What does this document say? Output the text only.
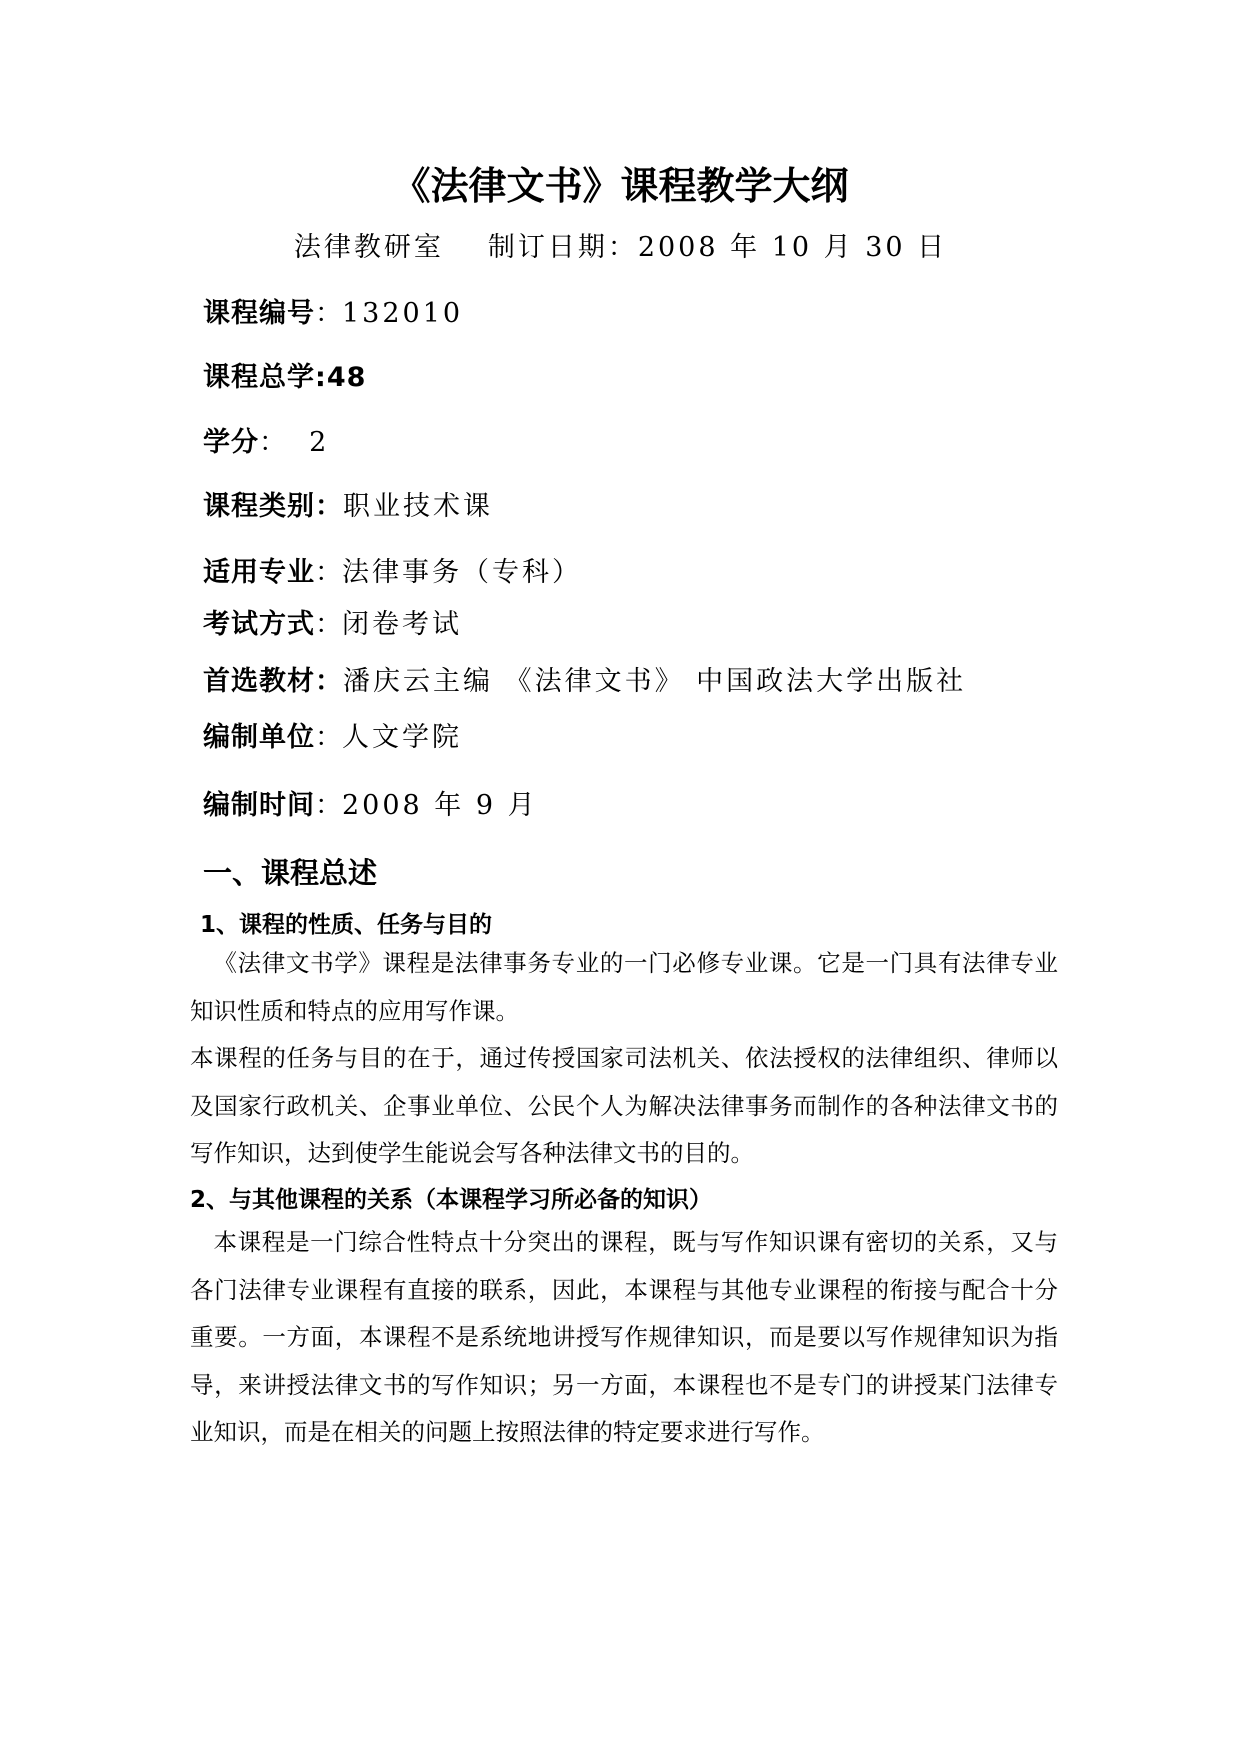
《法律文书》课程教学大纲
法律教研室 制订日期：2008 年 10 月 30 日
课程编号：132010
课程总学:48
学分：  2
课程类别：职业技术课
适用专业：法律事务（专科）
考试方式：闭卷考试
首选教材：潘庆云主编 《法律文书》 中国政法大学出版社
编制单位：人文学院
编制时间：2008 年 9 月
一、课程总述
1、课程的性质、任务与目的

《法律文书学》课程是法律事务专业的一门必修专业课。它是一门具有法律专业知识性质和特点的应用写作课。

本课程的任务与目的在于，通过传授国家司法机关、依法授权的法律组织、律师以及国家行政机关、企事业单位、公民个人为解决法律事务而制作的各种法律文书的写作知识，达到使学生能说会写各种法律文书的目的。

2、与其他课程的关系（本课程学习所必备的知识）

本课程是一门综合性特点十分突出的课程，既与写作知识课有密切的关系，又与各门法律专业课程有直接的联系，因此，本课程与其他专业课程的衔接与配合十分重要。一方面，本课程不是系统地讲授写作规律知识，而是要以写作规律知识为指导，来讲授法律文书的写作知识；另一方面，本课程也不是专门的讲授某门法律专业知识，而是在相关的问题上按照法律的特定要求进行写作。
